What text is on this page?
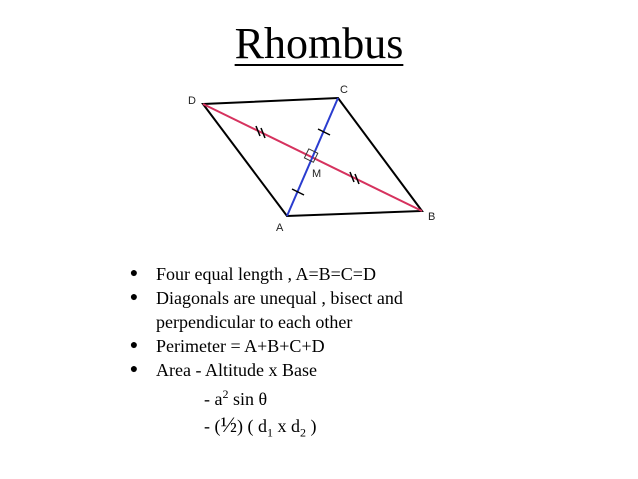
Rhombus
D
C
B
A
M
● Four equal length , A=B=C=D
● Diagonals are unequal , bisect and
perpendicular to each other
● Perimeter = A+B+C+D
● Area - Altitude x Base
- $a^2$ sin θ
- (½) ( $d_1$ x $d_2$ )
